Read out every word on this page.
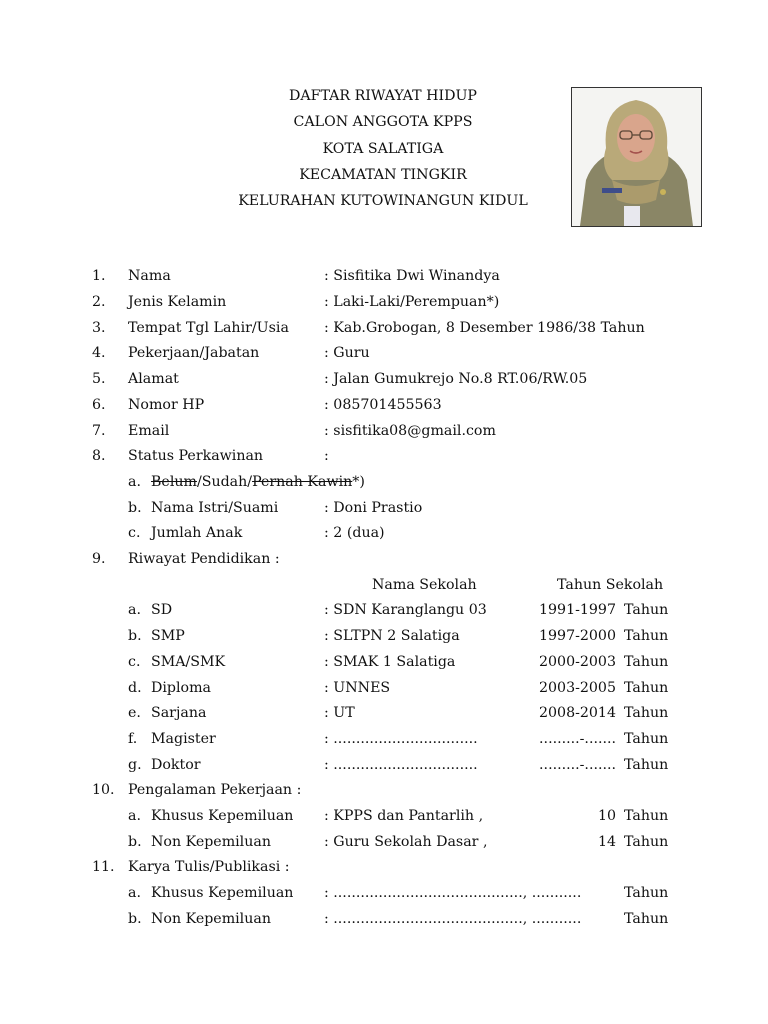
DAFTAR RIWAYAT HIDUP
CALON ANGGOTA KPPS
KOTA SALATIGA
KECAMATAN TINGKIR
KELURAHAN KUTOWINANGUN KIDUL
1. Nama	: Sisfitika Dwi Winandya
2. Jenis Kelamin	: Laki-Laki/Perempuan*)
3. Tempat Tgl Lahir/Usia : Kab.Grobogan, 8 Desember 1986/38 Tahun
4. Pekerjaan/Jabatan	: Guru
5. Alamat	: Jalan Gumukrejo No.8 RT.06/RW.05
6. Nomor HP	: 085701455563
7. Email	: sisfitika08@gmail.com
8. Status Perkawinan	:
a. Belum/Sudah/Pernah Kawin*)
b. Nama Istri/Suami	: Doni Prastio
c. Jumlah Anak	: 2 (dua)
9. Riwayat Pendidikan :
Nama Sekolah	Tahun Sekolah
a. SD	: SDN Karanglangu 03	1991-1997 Tahun
b. SMP	: SLTPN 2 Salatiga	1997-2000 Tahun
c. SMA/SMK	: SMAK 1 Salatiga	2000-2003 Tahun
d. Diploma	: UNNES	2003-2005 Tahun
e. Sarjana	: UT	2008-2014 Tahun
f. Magister	: ................................	.........-....... Tahun
g. Doktor	: ................................	.........-....... Tahun
10. Pengalaman Pekerjaan :
a. Khusus Kepemiluan : KPPS dan Pantarlih ,	10 Tahun
b. Non Kepemiluan	: Guru Sekolah Dasar ,	14 Tahun
11. Karya Tulis/Publikasi :
a. Khusus Kepemiluan : .........................................., ...........	Tahun
b. Non Kepemiluan	: .........................................., ...........	Tahun
